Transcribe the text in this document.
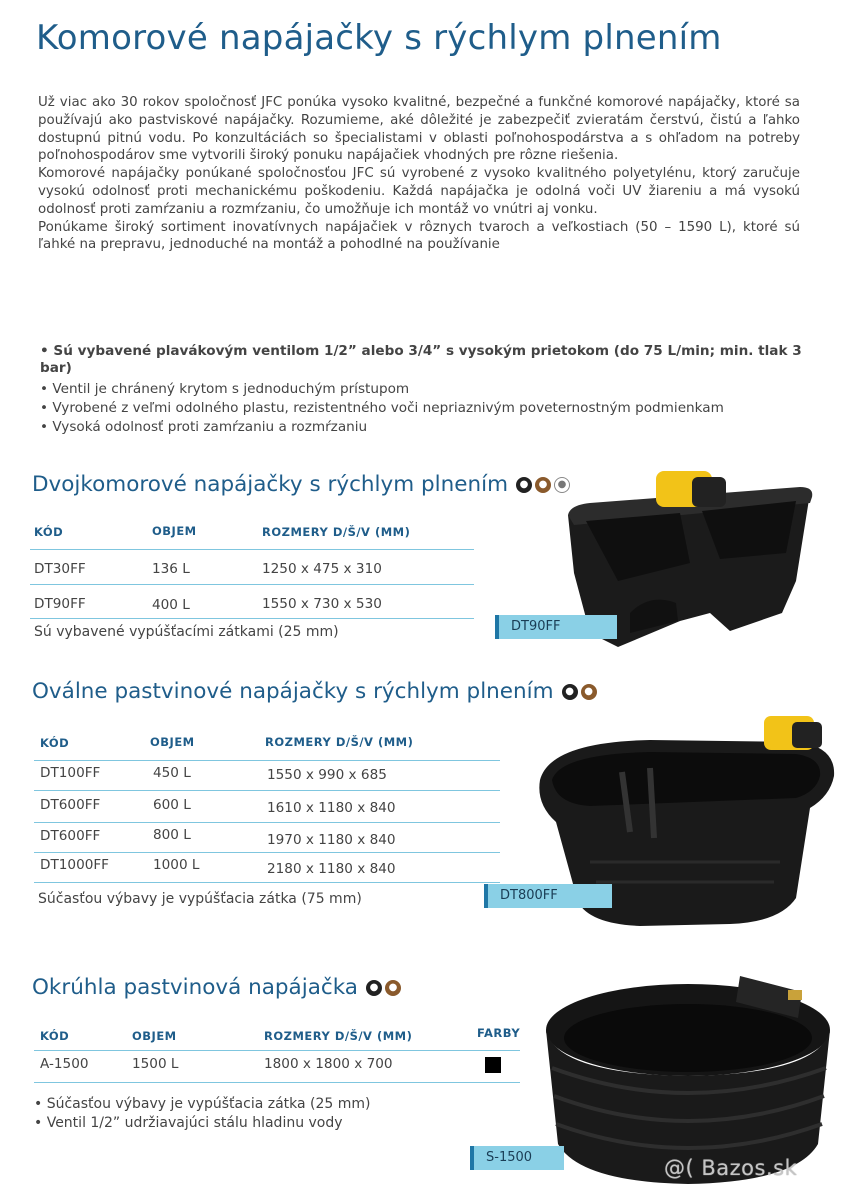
Komorové napájačky s rýchlym plnením

Už viac ako 30 rokov spoločnosť JFC ponúka vysoko kvalitné, bezpečné a funkčné komorové napájačky, ktoré sa používajú ako pastviskové napájačky. Rozumieme, aké dôležité je zabezpečiť zvieratám čerstvú, čistú a ľahko dostupnú pitnú vodu. Po konzultáciách so špecialistami v oblasti poľnohospodárstva a s ohľadom na potreby poľnohospodárov sme vytvorili široký ponuku napájačiek vhodných pre rôzne riešenia.

Komorové napájačky ponúkané spoločnosťou JFC sú vyrobené z vysoko kvalitného polyetylénu, ktorý zaručuje vysokú odolnosť proti mechanickému poškodeniu. Každá napájačka je odolná voči UV žiareniu a má vysokú odolnosť proti zamŕzaniu a rozmŕzaniu, čo umožňuje ich montáž vo vnútri aj vonku.

Ponúkame široký sortiment inovatívnych napájačiek v rôznych tvaroch a veľkostiach (50 – 1590 L), ktoré sú ľahké na prepravu, jednoduché na montáž a pohodlné na používanie

• Sú vybavené plavákovým ventilom 1/2” alebo 3/4” s vysokým prietokom (do 75 L/min; min. tlak 3 bar)
• Ventil je chránený krytom s jednoduchým prístupom
• Vyrobené z veľmi odolného plastu, rezistentného voči nepriaznivým poveternostným podmienkam
• Vysoká odolnosť proti zamŕzaniu a rozmŕzaniu
Dvojkomorové napájačky s rýchlym plnením	●	●	●
KÓD	OBJEM	ROZMERY D/Š/V (MM)
DT30FF	136 L	1250 x 475 x 310
DT90FF	400 L	1550 x 730 x 530
Sú vybavené vypúšťacími zátkami (25 mm)	DT90FF
Oválne pastvinové napájačky s rýchlym plnením	●	●
KÓD	OBJEM	ROZMERY D/Š/V (MM)
DT100FF	450 L	1550 x 990 x 685
DT600FF	600 L	1610 x 1180 x 840
DT600FF	800 L	1970 x 1180 x 840
DT1000FF	1000 L	2180 x 1180 x 840
Súčasťou výbavy je vypúšťacia zátka (75 mm)	DT800FF
Okrúhla pastvinová napájačka	●	●
KÓD	OBJEM	ROZMERY D/Š/V (MM)	FARBY
A-1500	1500 L	1800 x 1800 x 700
• Súčasťou výbavy je vypúšťacia zátka (25 mm)
• Ventil 1/2” udržiavajúci stálu hladinu vody
S-1500	@( Bazos.sk
